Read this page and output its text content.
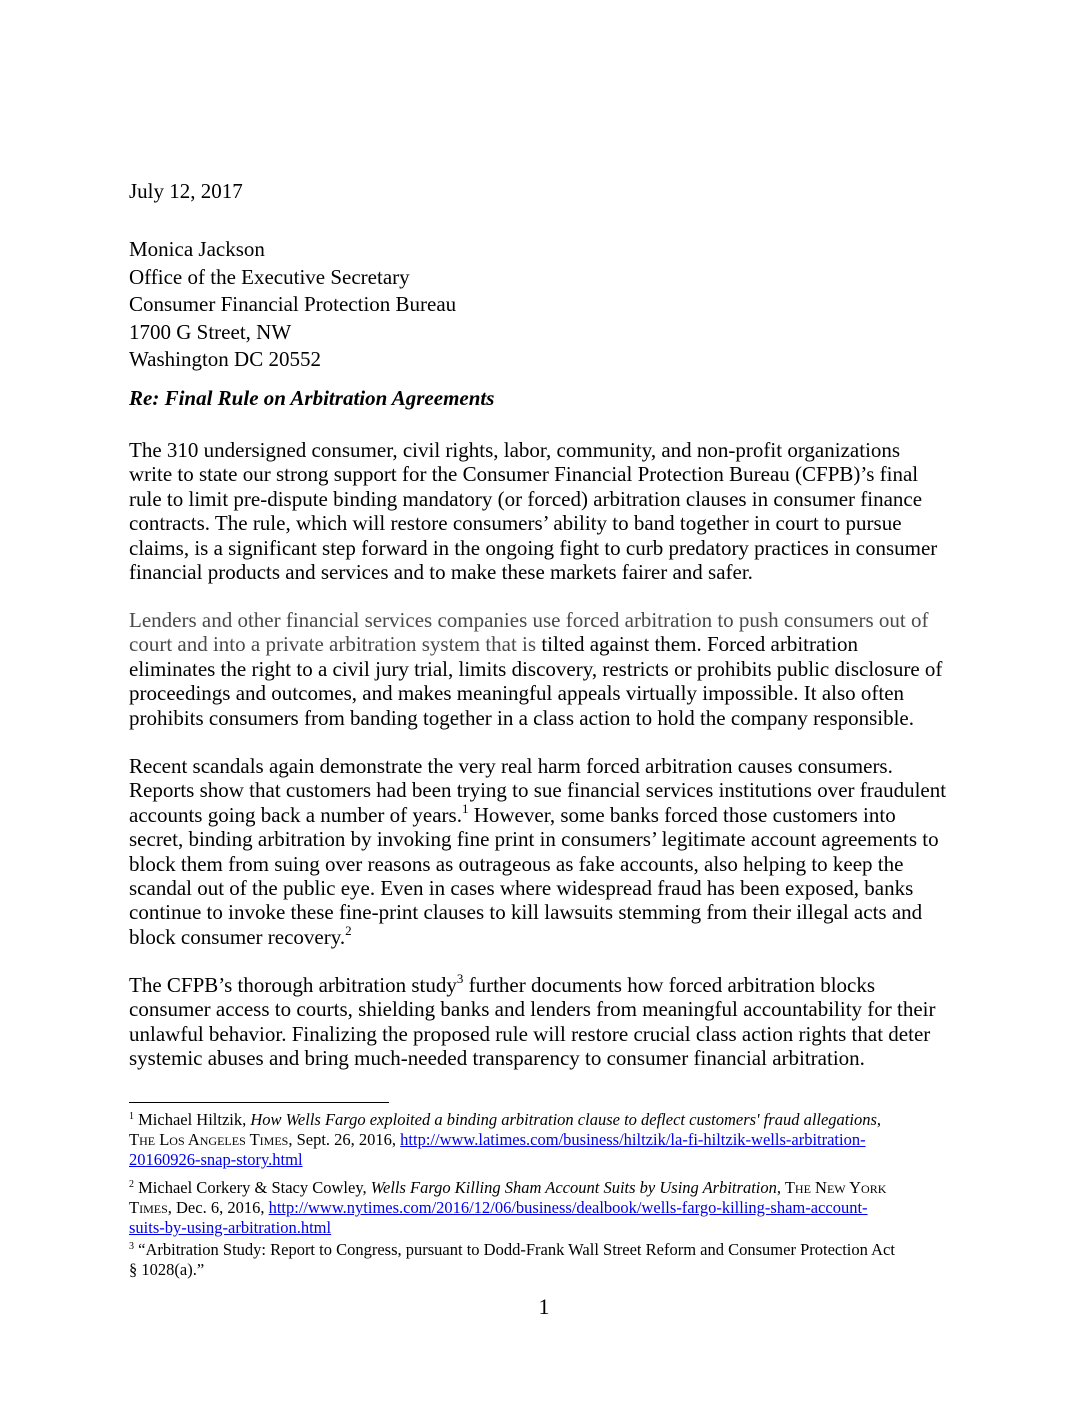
July 12, 2017
Monica Jackson
Office of the Executive Secretary
Consumer Financial Protection Bureau
1700 G Street, NW
Washington DC 20552
Re: Final Rule on Arbitration Agreements
The 310 undersigned consumer, civil rights, labor, community, and non-profit organizations
write to state our strong support for the Consumer Financial Protection Bureau (CFPB)’s final
rule to limit pre-dispute binding mandatory (or forced) arbitration clauses in consumer finance
contracts. The rule, which will restore consumers’ ability to band together in court to pursue
claims, is a significant step forward in the ongoing fight to curb predatory practices in consumer
financial products and services and to make these markets fairer and safer.
Lenders and other financial services companies use forced arbitration to push consumers out of
court and into a private arbitration system that is tilted against them. Forced arbitration
eliminates the right to a civil jury trial, limits discovery, restricts or prohibits public disclosure of
proceedings and outcomes, and makes meaningful appeals virtually impossible. It also often
prohibits consumers from banding together in a class action to hold the company responsible.
Recent scandals again demonstrate the very real harm forced arbitration causes consumers.
Reports show that customers had been trying to sue financial services institutions over fraudulent
accounts going back a number of years.$^1$ However, some banks forced those customers into
secret, binding arbitration by invoking fine print in consumers’ legitimate account agreements to
block them from suing over reasons as outrageous as fake accounts, also helping to keep the
scandal out of the public eye. Even in cases where widespread fraud has been exposed, banks
continue to invoke these fine-print clauses to kill lawsuits stemming from their illegal acts and
block consumer recovery.$^2$
The CFPB’s thorough arbitration study$^3$ further documents how forced arbitration blocks
consumer access to courts, shielding banks and lenders from meaningful accountability for their
unlawful behavior. Finalizing the proposed rule will restore crucial class action rights that deter
systemic abuses and bring much-needed transparency to consumer financial arbitration.
$^1$ Michael Hiltzik, How Wells Fargo exploited a binding arbitration clause to deflect customers' fraud allegations,
The Los Angeles Times, Sept. 26, 2016, http://www.latimes.com/business/hiltzik/la-fi-hiltzik-wells-arbitration-
20160926-snap-story.html
$^2$ Michael Corkery & Stacy Cowley, Wells Fargo Killing Sham Account Suits by Using Arbitration, The New York
Times, Dec. 6, 2016, http://www.nytimes.com/2016/12/06/business/dealbook/wells-fargo-killing-sham-account-
suits-by-using-arbitration.html
$^3$ “Arbitration Study: Report to Congress, pursuant to Dodd-Frank Wall Street Reform and Consumer Protection Act
§ 1028(a).”
1
